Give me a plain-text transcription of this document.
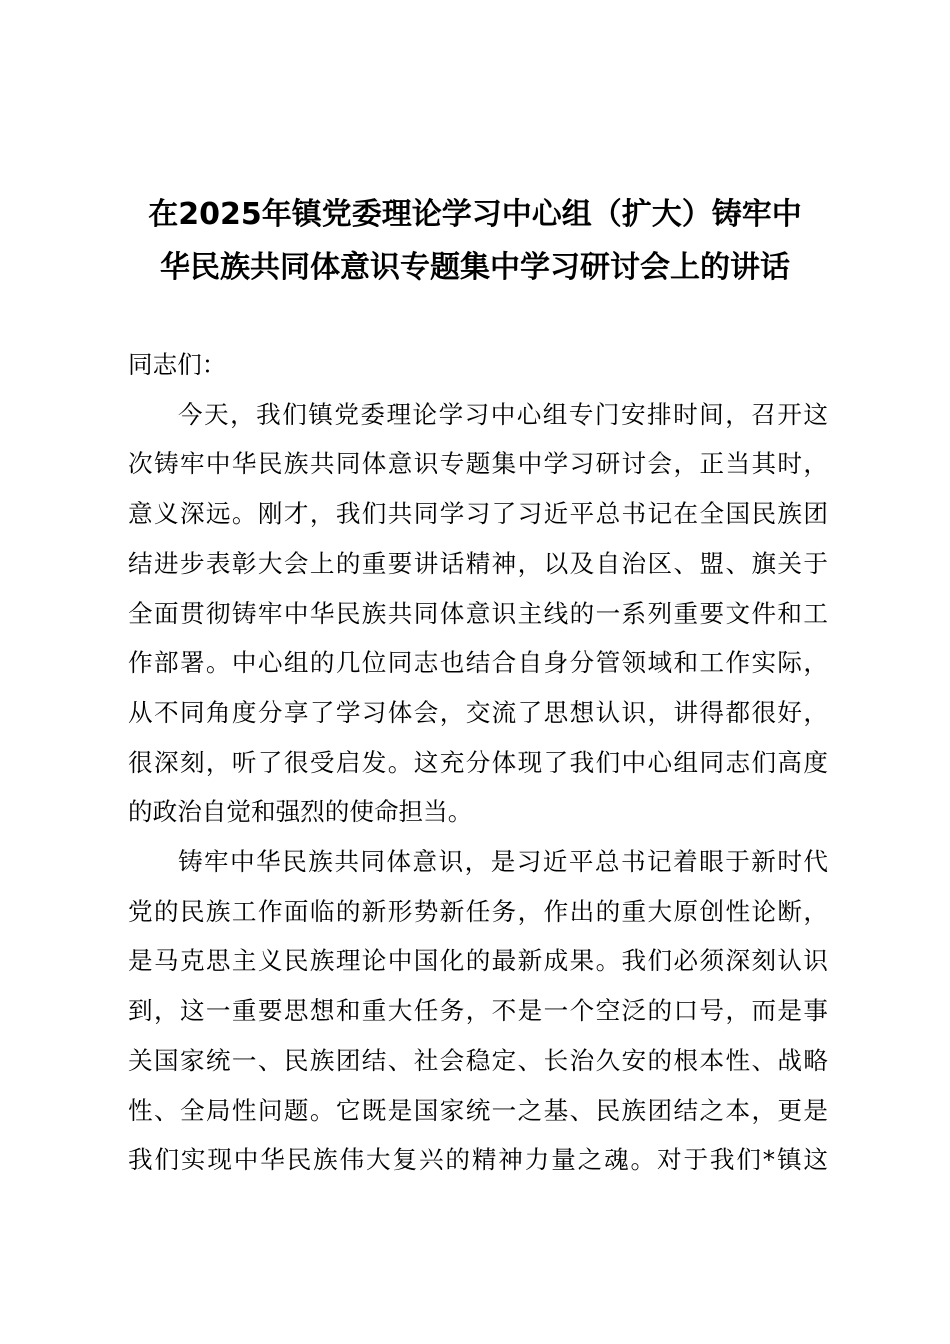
在2025年镇党委理论学习中心组（扩大）铸牢中
华民族共同体意识专题集中学习研讨会上的讲话
同志们：
今天，我们镇党委理论学习中心组专门安排时间，召开这
次铸牢中华民族共同体意识专题集中学习研讨会，正当其时，
意义深远。刚才，我们共同学习了习近平总书记在全国民族团
结进步表彰大会上的重要讲话精神，以及自治区、盟、旗关于
全面贯彻铸牢中华民族共同体意识主线的一系列重要文件和工
作部署。中心组的几位同志也结合自身分管领域和工作实际，
从不同角度分享了学习体会，交流了思想认识，讲得都很好，
很深刻，听了很受启发。这充分体现了我们中心组同志们高度
的政治自觉和强烈的使命担当。
铸牢中华民族共同体意识，是习近平总书记着眼于新时代
党的民族工作面临的新形势新任务，作出的重大原创性论断，
是马克思主义民族理论中国化的最新成果。我们必须深刻认识
到，这一重要思想和重大任务，不是一个空泛的口号，而是事
关国家统一、民族团结、社会稳定、长治久安的根本性、战略
性、全局性问题。它既是国家统一之基、民族团结之本，更是
我们实现中华民族伟大复兴的精神力量之魂。对于我们*镇这
